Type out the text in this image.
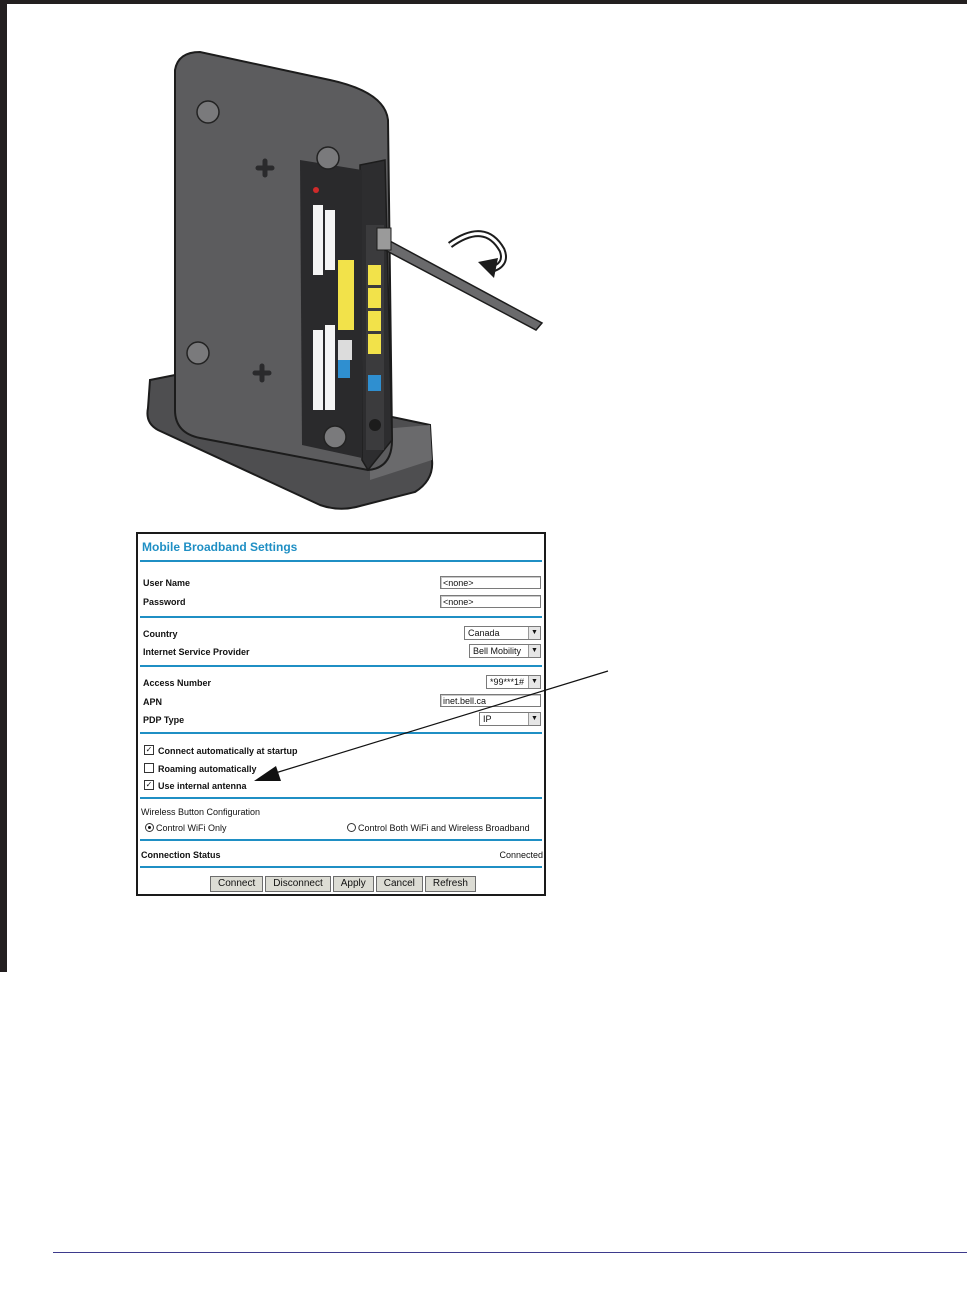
Mobile Broadband Settings
User Name	<none>
Password	<none>
Country	Canada	▼
Internet Service Provider	Bell Mobility	▼
Access Number	*99***1#	▼
APN	inet.bell.ca
PDP Type	IP	▼
✓ Connect automatically at startup
Roaming automatically
✓ Use internal antenna
Wireless Button Configuration
Control WiFi Only	Control Both WiFi and Wireless Broadband
Connection Status	Connected
Connect	Disconnect	Apply	Cancel	Refresh
